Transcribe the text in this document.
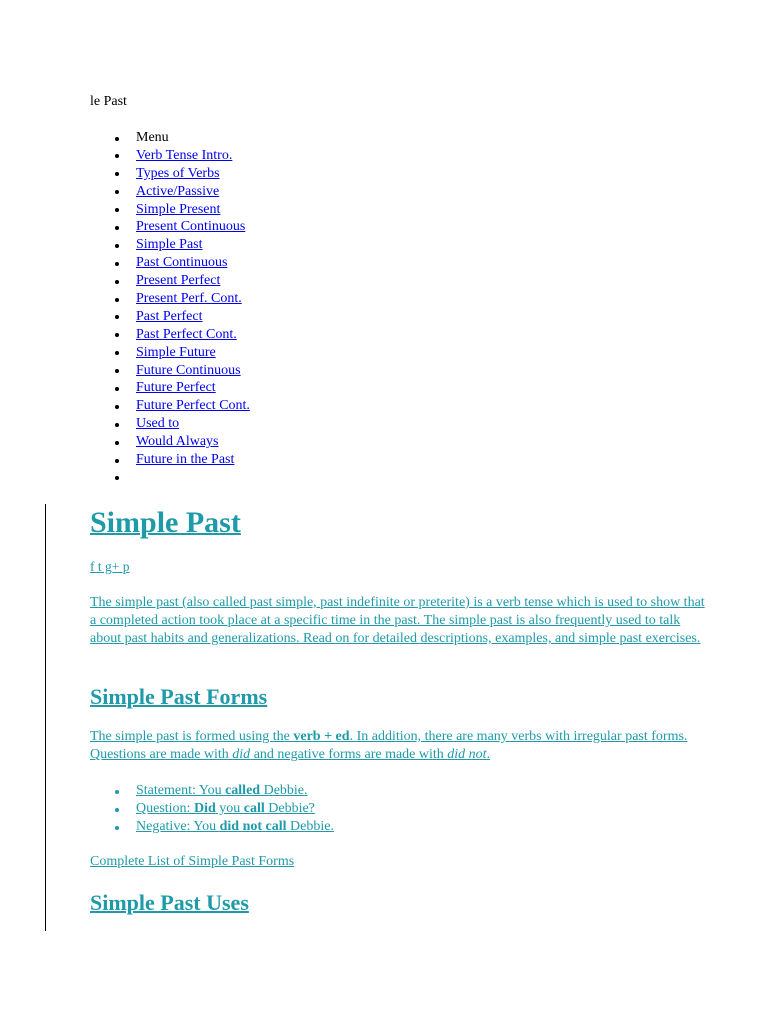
le Past
Menu
Verb Tense Intro.
Types of Verbs
Active/Passive
Simple Present
Present Continuous
Simple Past
Past Continuous
Present Perfect
Present Perf. Cont.
Past Perfect
Past Perfect Cont.
Simple Future
Future Continuous
Future Perfect
Future Perfect Cont.
Used to
Would Always
Future in the Past
Simple Past
f t g+ p

The simple past (also called past simple, past indefinite or preterite) is a verb tense which is used to show that a completed action took place at a specific time in the past. The simple past is also frequently used to talk about past habits and generalizations. Read on for detailed descriptions, examples, and simple past exercises.

Simple Past Forms

The simple past is formed using the verb + ed. In addition, there are many verbs with irregular past forms. Questions are made with did and negative forms are made with did not.

Statement: You called Debbie.
Question: Did you call Debbie?
Negative: You did not call Debbie.
Complete List of Simple Past Forms
Simple Past Uses
